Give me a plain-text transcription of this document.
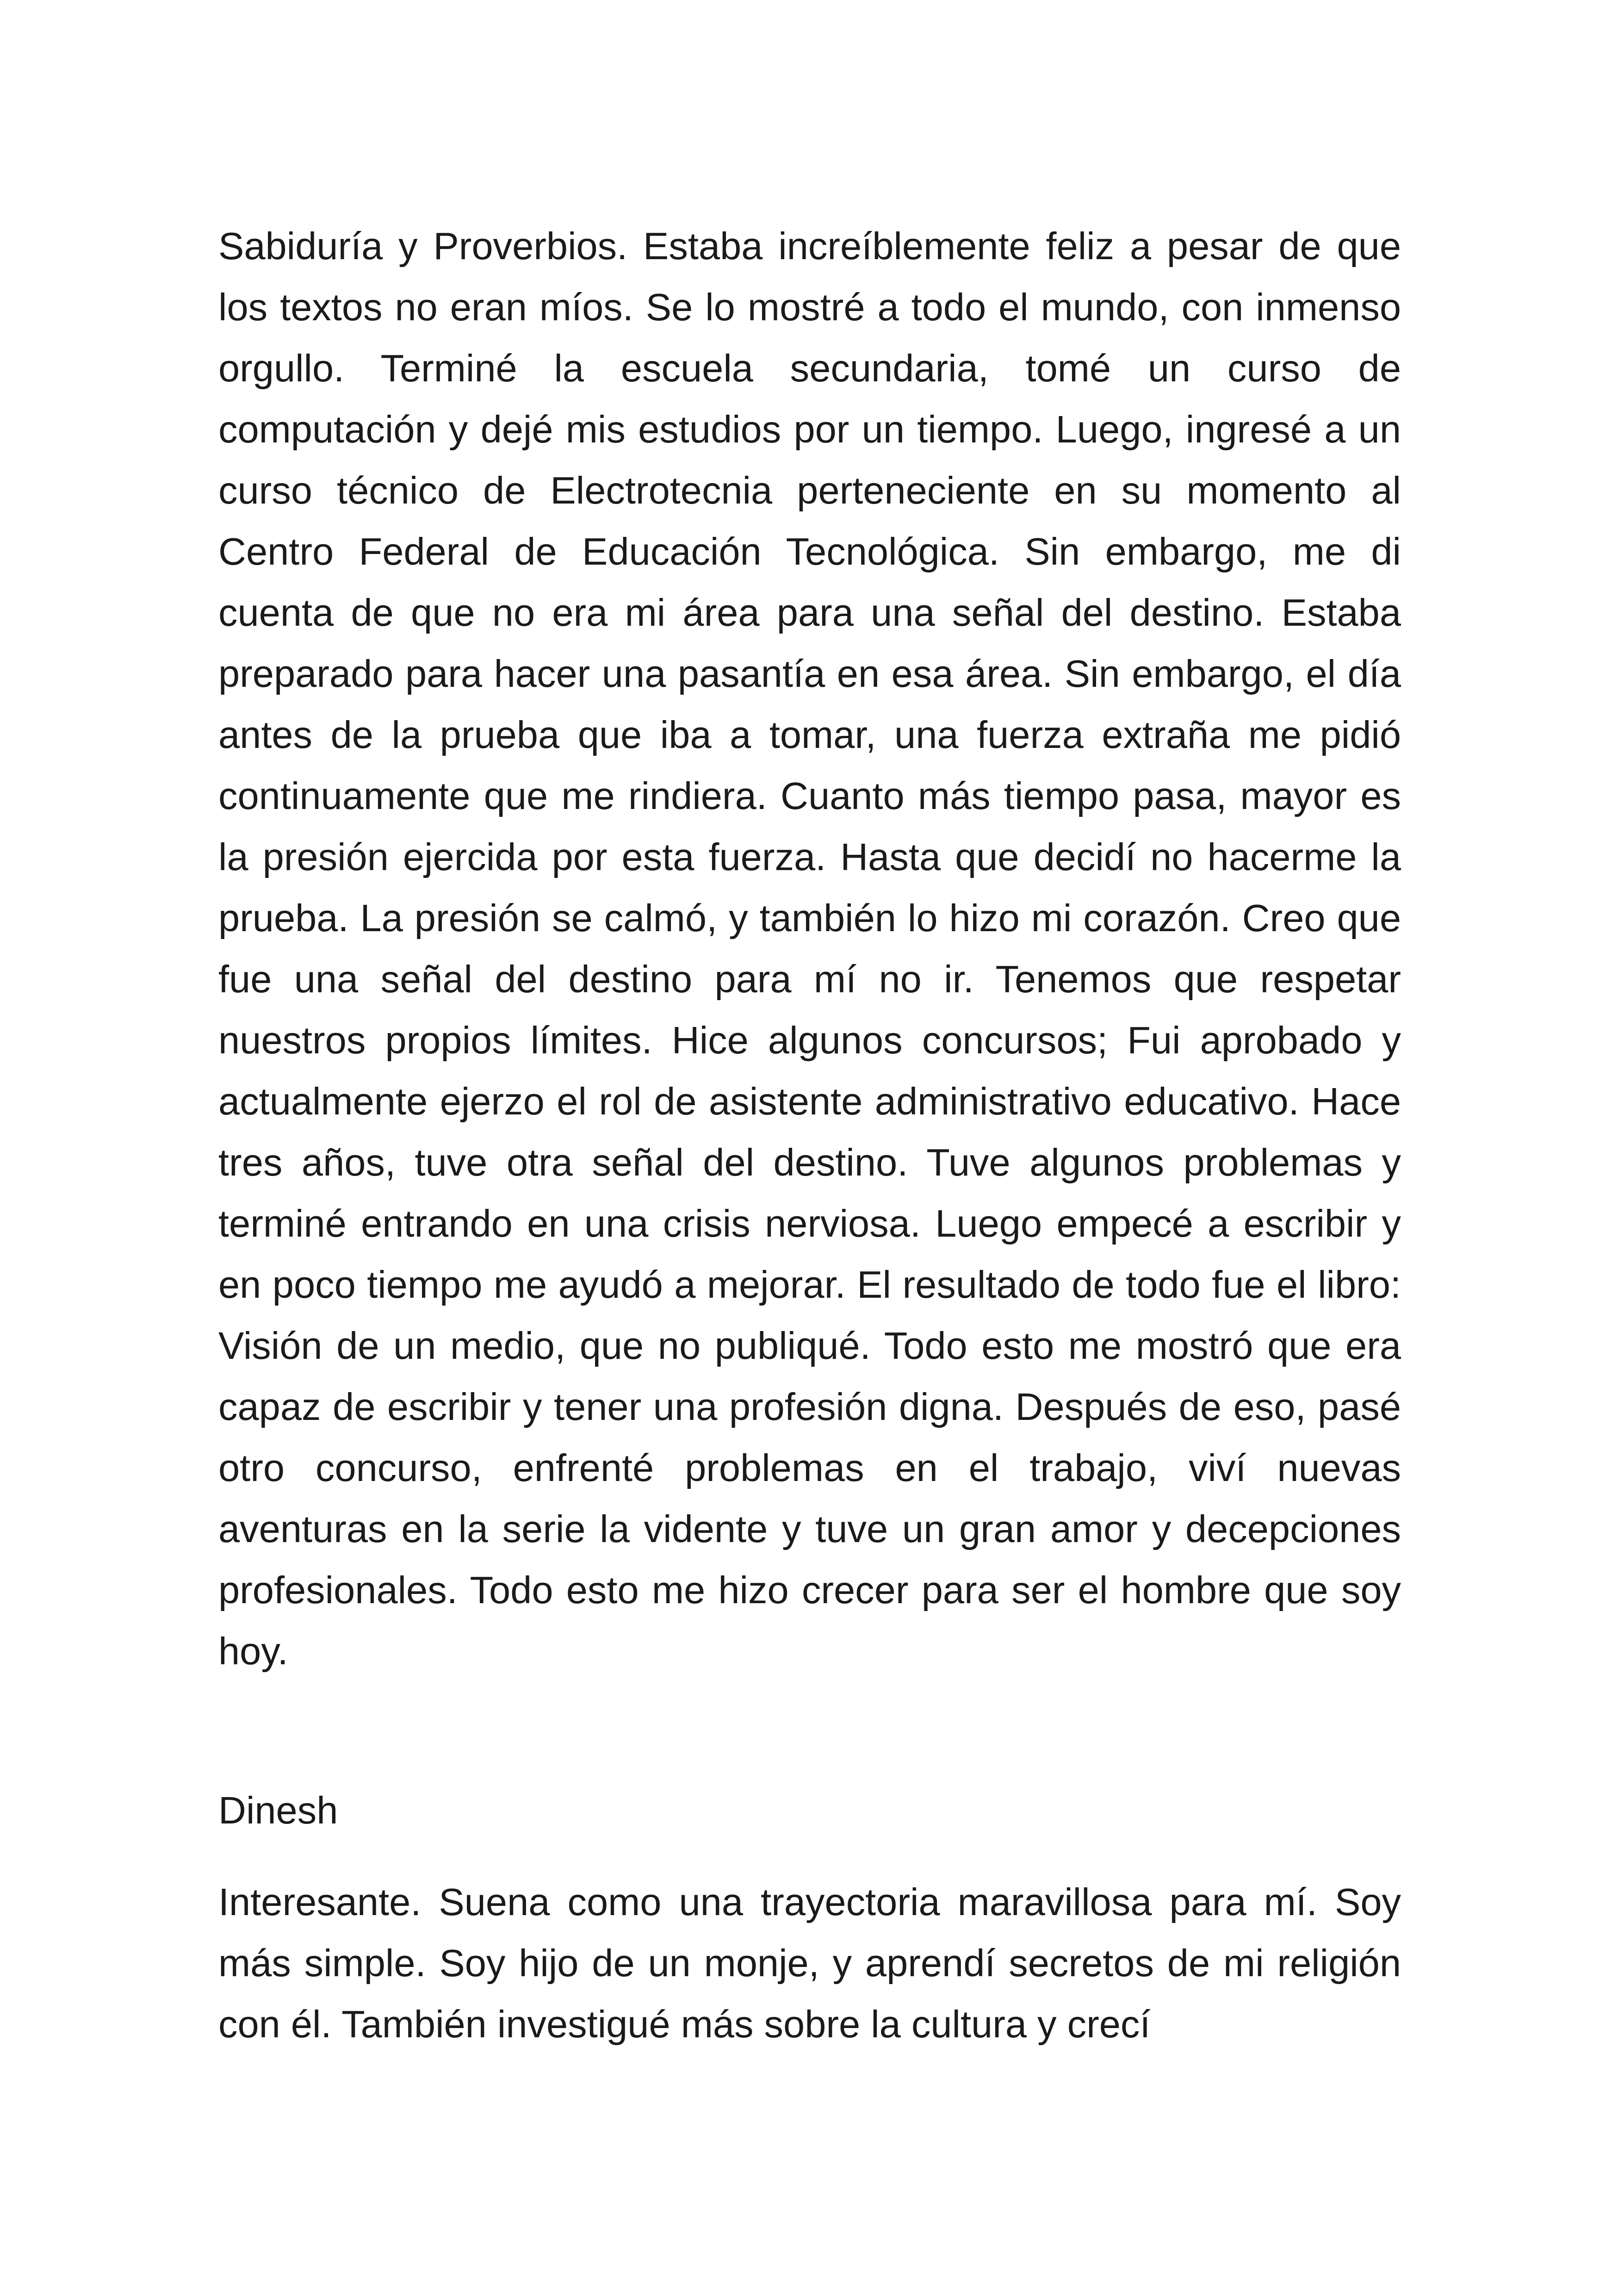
Sabiduría y Proverbios. Estaba increíblemente feliz a pesar de que los textos no eran míos. Se lo mostré a todo el mundo, con inmenso orgullo. Terminé la escuela secundaria, tomé un curso de computación y dejé mis estudios por un tiempo. Luego, ingresé a un curso técnico de Electrotecnia perteneciente en su momento al Centro Federal de Educación Tecnológica. Sin embargo, me di cuenta de que no era mi área para una señal del destino. Estaba preparado para hacer una pasantía en esa área. Sin embargo, el día antes de la prueba que iba a tomar, una fuerza extraña me pidió continuamente que me rindiera. Cuanto más tiempo pasa, mayor es la presión ejercida por esta fuerza. Hasta que decidí no hacerme la prueba. La presión se calmó, y también lo hizo mi corazón. Creo que fue una señal del destino para mí no ir. Tenemos que respetar nuestros propios límites. Hice algunos concursos; Fui aprobado y actualmente ejerzo el rol de asistente administrativo educativo. Hace tres años, tuve otra señal del destino. Tuve algunos problemas y terminé entrando en una crisis nerviosa. Luego empecé a escribir y en poco tiempo me ayudó a mejorar. El resultado de todo fue el libro: Visión de un medio, que no publiqué. Todo esto me mostró que era capaz de escribir y tener una profesión digna. Después de eso, pasé otro concurso, enfrenté problemas en el trabajo, viví nuevas aventuras en la serie la vidente y tuve un gran amor y decepciones profesionales. Todo esto me hizo crecer para ser el hombre que soy hoy.

Dinesh

Interesante. Suena como una trayectoria maravillosa para mí. Soy más simple. Soy hijo de un monje, y aprendí secretos de mi religión con él. También investigué más sobre la cultura y crecí
